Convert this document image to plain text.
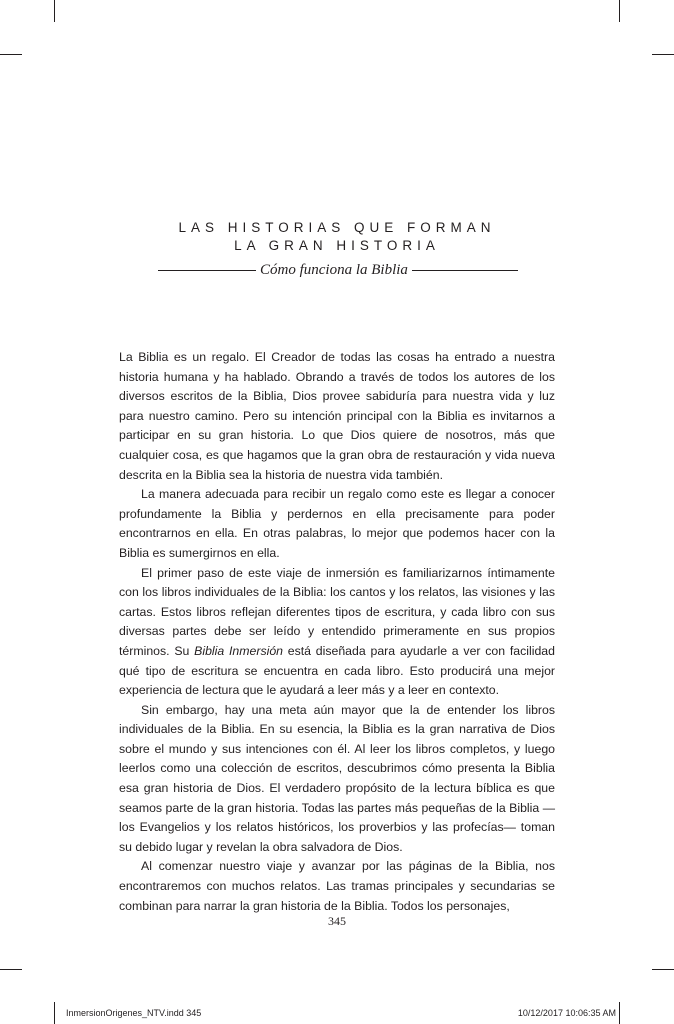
LAS HISTORIAS QUE FORMAN
LA GRAN HISTORIA
Cómo funciona la Biblia

La Biblia es un regalo. El Creador de todas las cosas ha entrado a nuestra historia humana y ha hablado. Obrando a través de todos los autores de los diversos escritos de la Biblia, Dios provee sabiduría para nuestra vida y luz para nuestro camino. Pero su intención principal con la Biblia es invitarnos a participar en su gran historia. Lo que Dios quiere de nosotros, más que cualquier cosa, es que hagamos que la gran obra de restauración y vida nueva descrita en la Biblia sea la historia de nuestra vida también.

La manera adecuada para recibir un regalo como este es llegar a conocer profundamente la Biblia y perdernos en ella precisamente para poder encontrarnos en ella. En otras palabras, lo mejor que podemos hacer con la Biblia es sumergirnos en ella.

El primer paso de este viaje de inmersión es familiarizarnos íntimamente con los libros individuales de la Biblia: los cantos y los relatos, las visiones y las cartas. Estos libros reflejan diferentes tipos de escritura, y cada libro con sus diversas partes debe ser leído y entendido primeramente en sus propios términos. Su Biblia Inmersión está diseñada para ayudarle a ver con facilidad qué tipo de escritura se encuentra en cada libro. Esto producirá una mejor experiencia de lectura que le ayudará a leer más y a leer en contexto.

Sin embargo, hay una meta aún mayor que la de entender los libros individuales de la Biblia. En su esencia, la Biblia es la gran narrativa de Dios sobre el mundo y sus intenciones con él. Al leer los libros completos, y luego leerlos como una colección de escritos, descubrimos cómo presenta la Biblia esa gran historia de Dios. El verdadero propósito de la lectura bíblica es que seamos parte de la gran historia. Todas las partes más pequeñas de la Biblia —los Evangelios y los relatos históricos, los proverbios y las profecías— toman su debido lugar y revelan la obra salvadora de Dios.

Al comenzar nuestro viaje y avanzar por las páginas de la Biblia, nos encontraremos con muchos relatos. Las tramas principales y secundarias se combinan para narrar la gran historia de la Biblia. Todos los personajes,

345
InmersionOrigenes_NTV.indd 345	10/12/2017 10:06:35 AM
